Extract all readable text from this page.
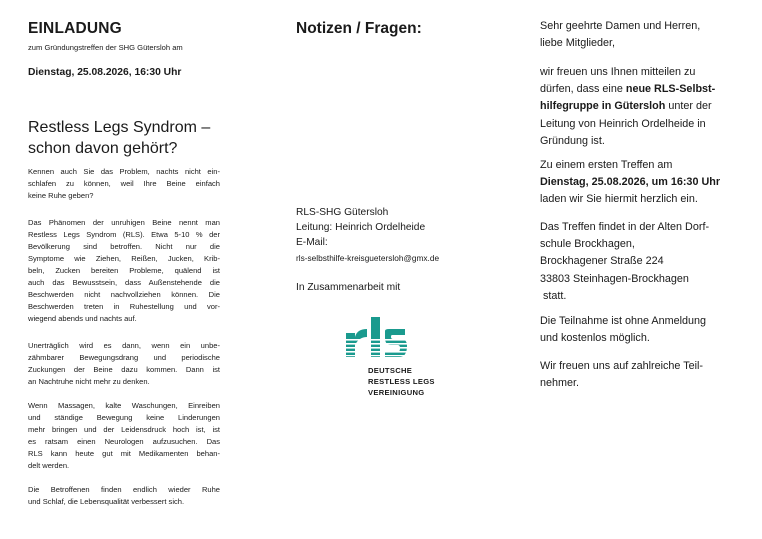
EINLADUNG
zum Gründungstreffen der SHG Gütersloh am
Dienstag, 25.08.2026, 16:30 Uhr
Restless Legs Syndrom –
schon davon gehört?
Kennen auch Sie das Problem, nachts nicht ein-
schlafen zu können, weil Ihre Beine einfach
keine Ruhe geben?
Das Phänomen der unruhigen Beine nennt man
Restless Legs Syndrom (RLS). Etwa 5-10 % der
Bevölkerung sind betroffen. Nicht nur die
Symptome wie Ziehen, Reißen, Jucken, Krib-
beln, Zucken bereiten Probleme, quälend ist
auch das Bewusstsein, dass Außenstehende die
Beschwerden nicht nachvollziehen können. Die
Beschwerden treten in Ruhestellung und vor-
wiegend abends und nachts auf.
Unerträglich wird es dann, wenn ein unbe-
zähmbarer Bewegungsdrang und periodische
Zuckungen der Beine dazu kommen. Dann ist
an Nachtruhe nicht mehr zu denken.
Wenn Massagen, kalte Waschungen, Einreiben
und ständige Bewegung keine Linderungen
mehr bringen und der Leidensdruck hoch ist, ist
es ratsam einen Neurologen aufzusuchen. Das
RLS kann heute gut mit Medikamenten behan-
delt werden.
Die Betroffenen finden endlich wieder Ruhe
und Schlaf, die Lebensqualität verbessert sich.
Notizen / Fragen:
RLS-SHG Gütersloh
Leitung: Heinrich Ordelheide
E-Mail:
rls-selbsthilfe-kreisguetersloh@gmx.de
In Zusammenarbeit mit
DEUTSCHE
RESTLESS LEGS
VEREINIGUNG
Sehr geehrte Damen und Herren,
liebe Mitglieder,
wir freuen uns Ihnen mitteilen zu
dürfen, dass eine neue RLS-Selbst-
hilfegruppe in Gütersloh unter der
Leitung von Heinrich Ordelheide in
Gründung ist.
Zu einem ersten Treffen am
Dienstag, 25.08.2026, um 16:30 Uhr
laden wir Sie hiermit herzlich ein.
Das Treffen findet in der Alten Dorf-
schule Brockhagen,
Brockhagener Straße 224
33803 Steinhagen-Brockhagen
statt.
Die Teilnahme ist ohne Anmeldung
und kostenlos möglich.
Wir freuen uns auf zahlreiche Teil-
nehmer.
